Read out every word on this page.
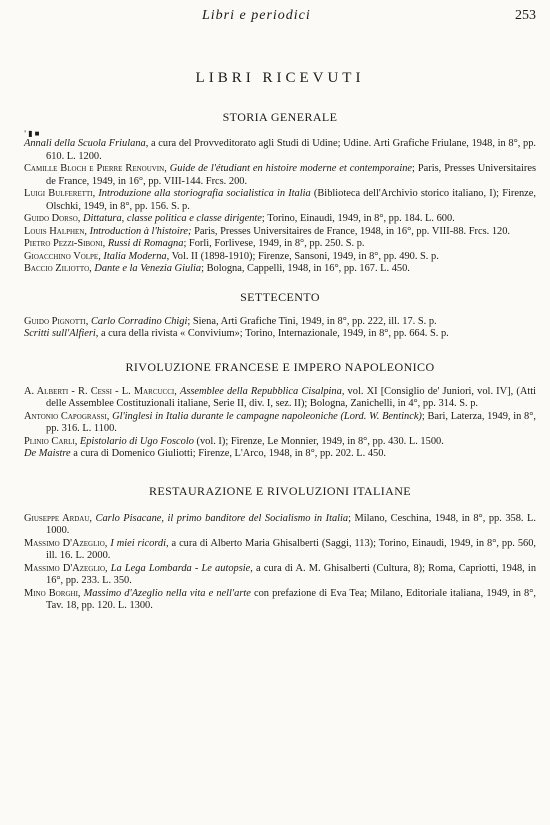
Libri e periodici	253
LIBRI RICEVUTI
STORIA GENERALE
' ▮ ■

Annali della Scuola Friulana, a cura del Provveditorato agli Studi di Udine; Udine. Arti Grafiche Friulane, 1948, in 8°, pp. 610. L. 1200.

Camille Bloch e Pierre Renouvin, Guide de l'étudiant en histoire moderne et contemporaine; Paris, Presses Universitaires de France, 1949, in 16°, pp. VIII-144. Frcs. 200.

Luigi Bulferetti, Introduzione alla storiografia socialistica in Italia (Biblioteca dell'Archivio storico italiano, I); Firenze, Olschki, 1949, in 8°, pp. 156. S. p.

Guido Dorso, Dittatura, classe politica e classe dirigente; Torino, Einaudi, 1949, in 8°, pp. 184. L. 600.

Louis Halphen, Introduction à l'histoire; Paris, Presses Universitaires de France, 1948, in 16°, pp. VIII-88. Frcs. 120.

Pietro Pezzi-Siboni, Russi di Romagna; Forlì, Forlivese, 1949, in 8°, pp. 250. S. p.

Gioacchino Volpe, Italia Moderna, Vol. II (1898-1910); Firenze, Sansoni, 1949, in 8°, pp. 490. S. p.

Baccio Ziliotto, Dante e la Venezia Giulia; Bologna, Cappelli, 1948, in 16°, pp. 167. L. 450.

SETTECENTO

Guido Pignotti, Carlo Corradino Chigi; Siena, Arti Grafiche Tini, 1949, in 8°, pp. 222, ill. 17. S. p.

Scritti sull'Alfieri, a cura della rivista « Convivium»; Torino, Internazionale, 1949, in 8°, pp. 664. S. p.

RIVOLUZIONE FRANCESE E IMPERO NAPOLEONICO

A. Alberti - R. Cessi - L. Marcucci, Assemblee della Repubblica Cisalpina, vol. XI [Consiglio de' Juniori, vol. IV], (Atti delle Assemblee Costituzionali italiane, Serie II, div. I, sez. II); Bologna, Zanichelli, in 4°, pp. 314. S. p.

Antonio Capograssi, Gl'inglesi in Italia durante le campagne napoleoniche (Lord. W. Bentinck); Bari, Laterza, 1949, in 8°, pp. 316. L. 1100.

Plinio Carli, Epistolario di Ugo Foscolo (vol. I); Firenze, Le Monnier, 1949, in 8°, pp. 430. L. 1500.

De Maistre a cura di Domenico Giuliotti; Firenze, L'Arco, 1948, in 8°, pp. 202. L. 450.

RESTAURAZIONE E RIVOLUZIONI ITALIANE

Giuseppe Ardau, Carlo Pisacane, il primo banditore del Socialismo in Italia; Milano, Ceschina, 1948, in 8°, pp. 358. L. 1000.

Massimo D'Azeglio, I miei ricordi, a cura di Alberto Maria Ghisalberti (Saggi, 113); Torino, Einaudi, 1949, in 8°, pp. 560, ill. 16. L. 2000.

Massimo D'Azeglio, La Lega Lombarda - Le autopsie, a cura di A. M. Ghisalberti (Cultura, 8); Roma, Capriotti, 1948, in 16°, pp. 233. L. 350.

Mino Borghi, Massimo d'Azeglio nella vita e nell'arte con prefazione di Eva Tea; Milano, Editoriale italiana, 1949, in 8°, Tav. 18, pp. 120. L. 1300.
